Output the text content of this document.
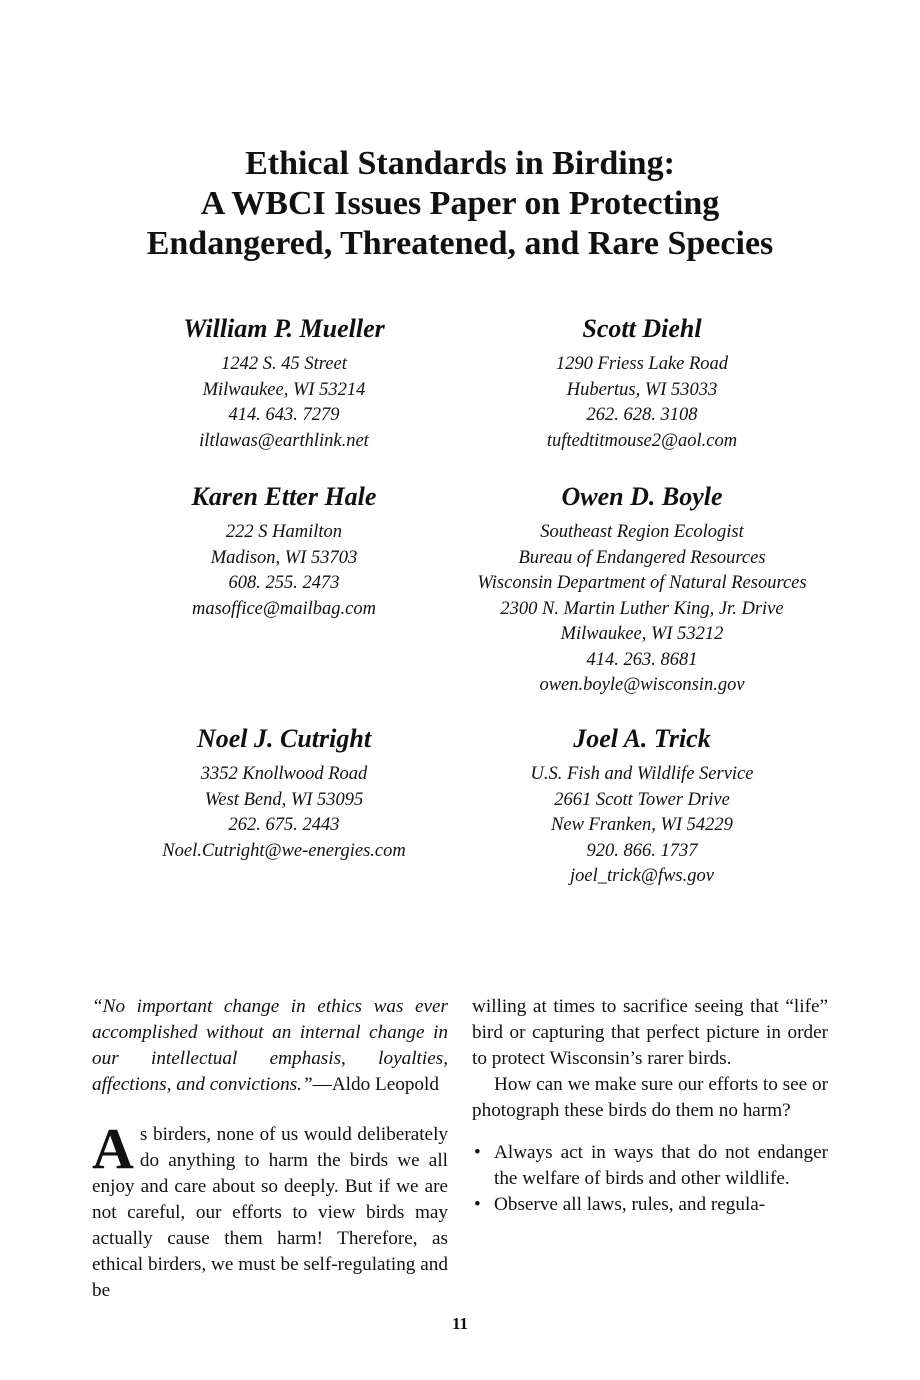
Ethical Standards in Birding:
A WBCI Issues Paper on Protecting
Endangered, Threatened, and Rare Species
William P. Mueller
1242 S. 45 Street
Milwaukee, WI 53214
414. 643. 7279
iltlawas@earthlink.net
Scott Diehl
1290 Friess Lake Road
Hubertus, WI 53033
262. 628. 3108
tuftedtitmouse2@aol.com
Karen Etter Hale
222 S Hamilton
Madison, WI 53703
608. 255. 2473
masoffice@mailbag.com
Owen D. Boyle
Southeast Region Ecologist
Bureau of Endangered Resources
Wisconsin Department of Natural Resources
2300 N. Martin Luther King, Jr. Drive
Milwaukee, WI 53212
414. 263. 8681
owen.boyle@wisconsin.gov
Noel J. Cutright
3352 Knollwood Road
West Bend, WI 53095
262. 675. 2443
Noel.Cutright@we-energies.com
Joel A. Trick
U.S. Fish and Wildlife Service
2661 Scott Tower Drive
New Franken, WI 54229
920. 866. 1737
joel_trick@fws.gov

“No important change in ethics was ever accomplished without an internal change in our intellectual emphasis, loyalties, affections, and convictions.”—Aldo Leopold

As birders, none of us would deliberately do anything to harm the birds we all enjoy and care about so deeply. But if we are not careful, our efforts to view birds may actually cause them harm! Therefore, as ethical birders, we must be self-regulating and be

willing at times to sacrifice seeing that “life” bird or capturing that perfect picture in order to protect Wisconsin’s rarer birds.

How can we make sure our efforts to see or photograph these birds do them no harm?

• Always act in ways that do not endanger the welfare of birds and other wildlife.
• Observe all laws, rules, and regula-
11
